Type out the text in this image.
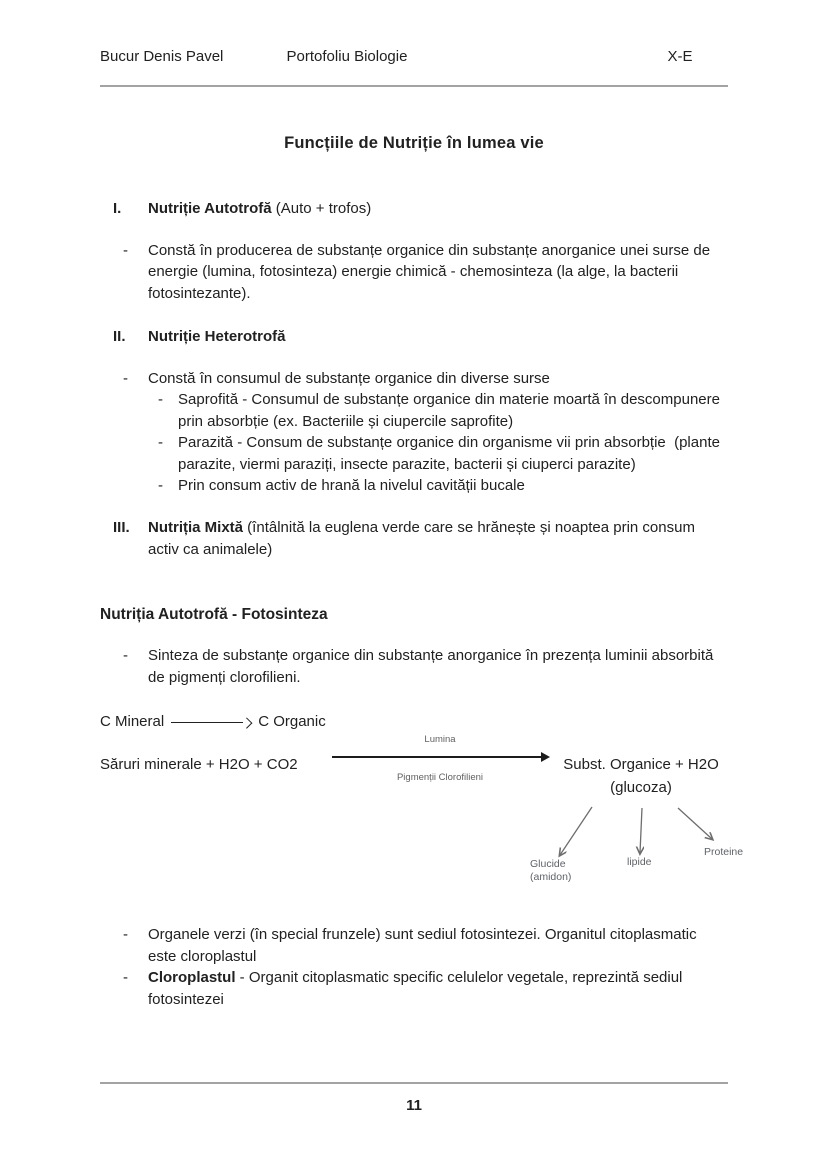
Bucur Denis Pavel	Portofoliu Biologie	X-E
Funcțiile de Nutriție în lumea vie
I.	Nutriție Autotrofă (Auto + trofos)

-	Constă în producerea de substanțe organice din substanțe anorganice unei surse de energie (lumina, fotosinteza) energie chimică - chemosinteza (la alge, la bacterii fotosintezante).

II.	Nutriție Heterotrofă

-	Constă în consumul de substanțe organice din diverse surse

-	Saprofită - Consumul de substanțe organice din materie moartă în descompunere prin absorbție (ex. Bacteriile și ciupercile saprofite)

-	Parazită - Consum de substanțe organice din organisme vii prin absorbție  (plante parazite, viermi paraziți, insecte parazite, bacterii și ciuperci parazite)

-	Prin consum activ de hrană la nivelul cavității bucale

III.	Nutriția Mixtă (întâlnită la euglena verde care se hrănește și noaptea prin consum activ ca animalele)

Nutriția Autotrofă - Fotosinteza
-	Sinteza de substanțe organice din substanțe anorganice în prezența luminii absorbită de pigmenți clorofilieni.

C Mineral	C Organic
Săruri minerale + H2O + CO2
Lumina
Pigmenții Clorofilieni
Subst. Organice + H2O
(glucoza)
Glucide
(amidon)
lipide
Proteine
-	Organele verzi (în special frunzele) sunt sediul fotosintezei. Organitul citoplasmatic este cloroplastul

-	Cloroplastul - Organit citoplasmatic specific celulelor vegetale, reprezintă sediul fotosintezei

11
